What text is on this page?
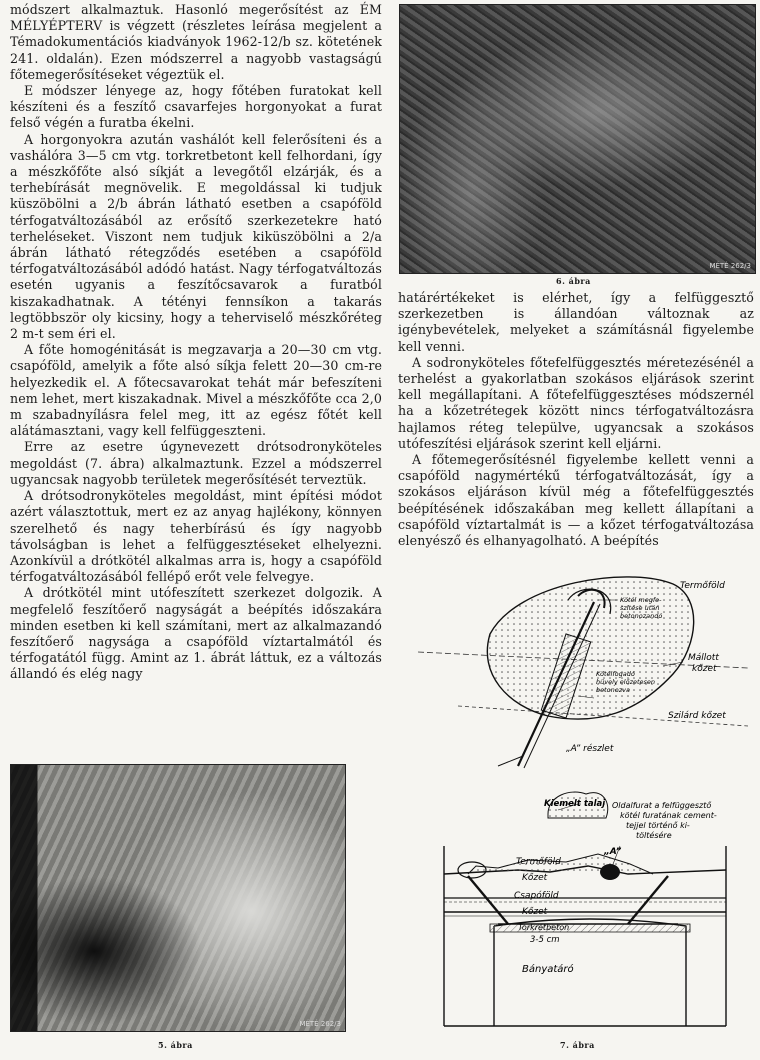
módszert alkalmaztuk. Hasonló megerősítést az ÉM MÉLYÉPTERV is végzett (részletes leírása megjelent a Témadokumentációs kiadványok 1962-12/b sz. kötetének 241. oldalán). Ezen módszerrel a nagyobb vastagságú főtemegerősítéseket végeztük el.

E módszer lényege az, hogy főtében furatokat kell készíteni és a feszítő csavarfejes horgonyokat a furat felső végén a furatba ékelni.

A horgonyokra azután vashálót kell felerősíteni és a vashálóra 3—5 cm vtg. torkretbetont kell felhordani, így a mészkőfőte alsó síkját a levegőtől elzárják, és a terhebírását megnövelik. E megoldással ki tudjuk küszöbölni a 2/b ábrán látható esetben a csapóföld térfogatváltozásából az erősítő szerkezetekre ható terheléseket. Viszont nem tudjuk kiküszöbölni a 2/a ábrán látható rétegződés esetében a csapóföld térfogatváltozásából adódó hatást. Nagy térfogatváltozás esetén ugyanis a feszítőcsavarok a furatból kiszakadhatnak. A tétényi fennsíkon a takarás legtöbbször oly kicsiny, hogy a teherviselő mészkőréteg 2 m-t sem éri el.

A főte homogénitását is megzavarja a 20—30 cm vtg. csapóföld, amelyik a főte alsó síkja felett 20—30 cm-re helyezkedik el. A főtecsavarokat tehát már befeszíteni nem lehet, mert kiszakadnak. Mivel a mészkőfőte cca 2,0 m szabadnyílásra felel meg, itt az egész főtét kell alátámasztani, vagy kell felfüggeszteni.

Erre az esetre úgynevezett drótsodronyköteles megoldást (7. ábra) alkalmaztunk. Ezzel a módszerrel ugyancsak nagyobb területek megerősítését terveztük.

A drótsodronyköteles megoldást, mint építési módot azért választottuk, mert ez az anyag hajlékony, könnyen szerelhető és nagy teherbírású és így nagyobb távolságban is lehet a felfüggesztéseket elhelyezni. Azonkívül a drótkötél alkalmas arra is, hogy a csapóföld térfogatváltozásából fellépő erőt vele felvegye.

A drótkötél mint utófeszített szerkezet dolgozik. A megfelelő feszítőerő nagyságát a beépítés időszakára minden esetben ki kell számítani, mert az alkalmazandó feszítőerő nagysága a csapóföld víztartalmától és térfogatától függ. Amint az 1. ábrát láttuk, ez a változás állandó és elég nagy

határértékeket is elérhet, így a felfüggesztő szerkezetben is állandóan változnak az igénybevételek, melyeket a számításnál figyelembe kell venni.

A sodronyköteles főtefelfüggesztés méretezésénél a terhelést a gyakorlatban szokásos eljárások szerint kell megállapítani. A főtefelfüggesztéses módszernél ha a kőzetrétegek között nincs térfogatváltozásra hajlamos réteg települve, ugyancsak a szokásos utófeszítési eljárások szerint kell eljárni.

A főtemegerősítésnél figyelembe kellett venni a csapóföld nagymértékű térfogatváltozását, így a szokásos eljáráson kívül még a főtefelfüggesztés beépítésének időszakában meg kellett állapítani a csapóföld víztartalmát is — a kőzet térfogatváltozása elenyésző és elhanyagolható. A beépítés

MÉTÉ 262/3
6. ábra
MÉTÉ 262/3
5. ábra
Termőföld
Kötél megfe-
szítése után
betonozandó
Kötélfogadó
hüvely előzetesen
betonozva
Mállott
kőzet
Szilárd kőzet
„A” részlet
Kiemelt talaj Oldalfurat a felfüggesztő
kötél furatának cement-
tejjel történő ki-
töltésére
„A”
Termőföld
Kőzet
Csapóföld
Kőzet
Torkrétbeton
3-5 cm
Bányatáró
7. ábra
